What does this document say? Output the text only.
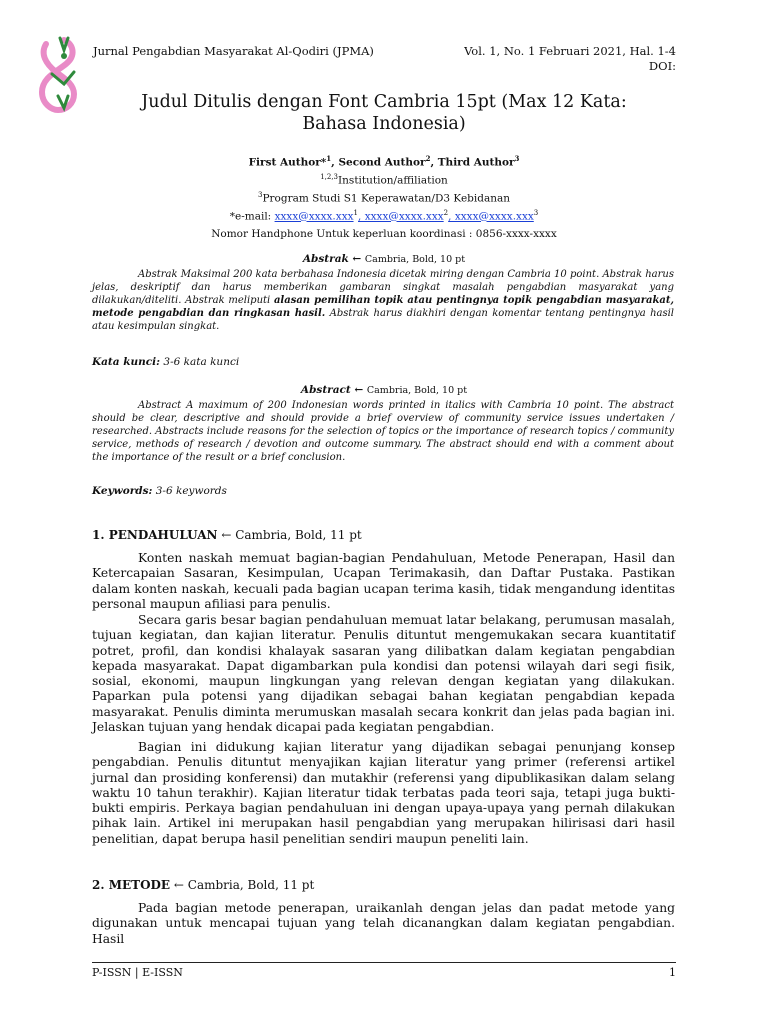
Jurnal Pengabdian Masyarakat Al-Qodiri (JPMA)	Vol. 1, No. 1 Februari 2021, Hal. 1-4
DOI:
Judul Ditulis dengan Font Cambria 15pt (Max 12 Kata: Bahasa Indonesia)
First Author*$^1$, Second Author$^2$, Third Author$^3$
$^{1,2,3}$Institution/affiliation
$^3$Program Studi S1 Keperawatan/D3 Kebidanan
*e-mail: xxxx@xxxx.xxx$^1$, xxxx@xxxx.xxx$^2$, xxxx@xxxx.xxx$^3$
Nomor Handphone Untuk keperluan koordinasi : 0856-xxxx-xxxx
Abstrak ← Cambria, Bold, 10 pt
Abstrak Maksimal 200 kata berbahasa Indonesia dicetak miring dengan Cambria 10 point. Abstrak harus jelas, deskriptif dan harus memberikan gambaran singkat masalah pengabdian masyarakat yang dilakukan/diteliti. Abstrak meliputi alasan pemilihan topik atau pentingnya topik pengabdian masyarakat, metode pengabdian dan ringkasan hasil. Abstrak harus diakhiri dengan komentar tentang pentingnya hasil atau kesimpulan singkat.
Kata kunci: 3-6 kata kunci
Abstract ← Cambria, Bold, 10 pt
Abstract A maximum of 200 Indonesian words printed in italics with Cambria 10 point. The abstract should be clear, descriptive and should provide a brief overview of community service issues undertaken / researched. Abstracts include reasons for the selection of topics or the importance of research topics / community service, methods of research / devotion and outcome summary. The abstract should end with a comment about the importance of the result or a brief conclusion.
Keywords: 3-6 keywords
1. PENDAHULUAN ← Cambria, Bold, 11 pt

Konten naskah memuat bagian-bagian Pendahuluan, Metode Penerapan, Hasil dan Ketercapaian Sasaran, Kesimpulan, Ucapan Terimakasih, dan Daftar Pustaka. Pastikan dalam konten naskah, kecuali pada bagian ucapan terima kasih, tidak mengandung identitas personal maupun afiliasi para penulis.

Secara garis besar bagian pendahuluan memuat latar belakang, perumusan masalah, tujuan kegiatan, dan kajian literatur. Penulis dituntut mengemukakan secara kuantitatif potret, profil, dan kondisi khalayak sasaran yang dilibatkan dalam kegiatan pengabdian kepada masyarakat. Dapat digambarkan pula kondisi dan potensi wilayah dari segi fisik, sosial, ekonomi, maupun lingkungan yang relevan dengan kegiatan yang dilakukan. Paparkan pula potensi yang dijadikan sebagai bahan kegiatan pengabdian kepada masyarakat. Penulis diminta merumuskan masalah secara konkrit dan jelas pada bagian ini. Jelaskan tujuan yang hendak dicapai pada kegiatan pengabdian.

Bagian ini didukung kajian literatur yang dijadikan sebagai penunjang konsep pengabdian. Penulis dituntut menyajikan kajian literatur yang primer (referensi artikel jurnal dan prosiding konferensi) dan mutakhir (referensi yang dipublikasikan dalam selang waktu 10 tahun terakhir). Kajian literatur tidak terbatas pada teori saja, tetapi juga bukti-bukti empiris. Perkaya bagian pendahuluan ini dengan upaya-upaya yang pernah dilakukan pihak lain. Artikel ini merupakan hasil pengabdian yang merupakan hilirisasi dari hasil penelitian, dapat berupa hasil penelitian sendiri maupun peneliti lain.

2. METODE ← Cambria, Bold, 11 pt

Pada bagian metode penerapan, uraikanlah dengan jelas dan padat metode yang digunakan untuk mencapai tujuan yang telah dicanangkan dalam kegiatan pengabdian. Hasil

P-ISSN | E-ISSN	1
